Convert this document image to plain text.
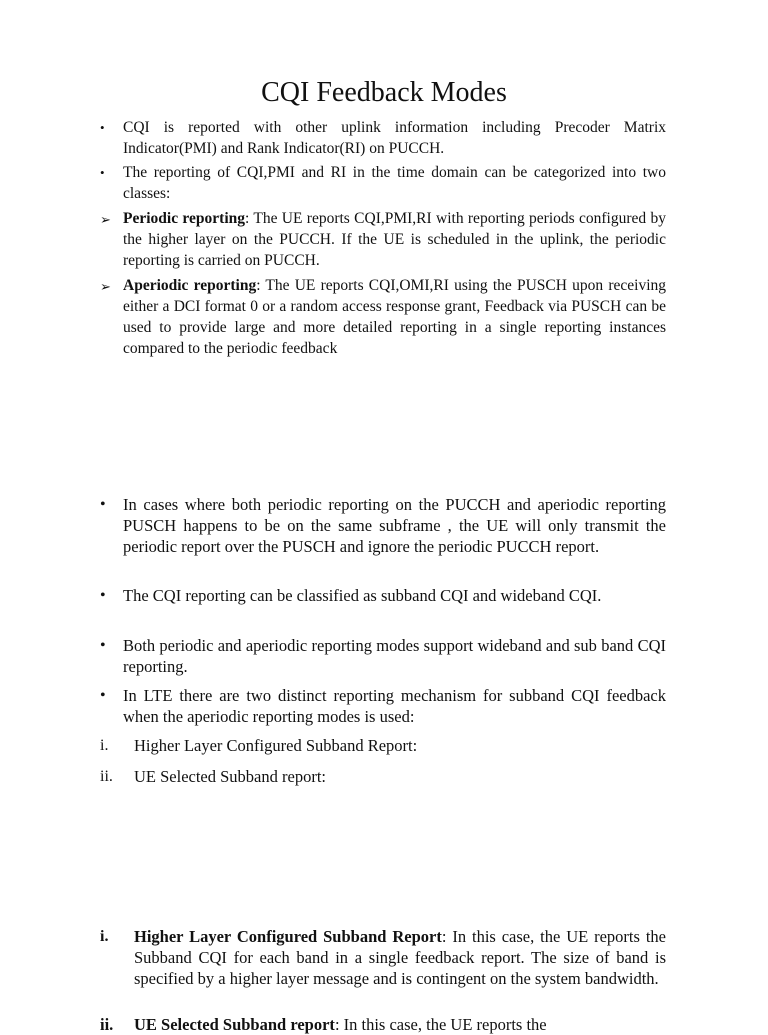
CQI Feedback Modes
• CQI is reported with other uplink information including Precoder Matrix Indicator(PMI) and Rank Indicator(RI) on PUCCH.
• The reporting of CQI,PMI and RI in the time domain can be categorized into two classes:
➢ Periodic reporting: The UE reports CQI,PMI,RI with reporting periods configured by the higher layer on the PUCCH. If the UE is scheduled in the uplink, the periodic reporting is carried on PUCCH.
➢ Aperiodic reporting: The UE reports CQI,OMI,RI using the PUSCH upon receiving either a DCI format 0 or a random access response grant, Feedback via PUSCH can be used to provide large and more detailed reporting in a single reporting instances compared to the periodic feedback
• In cases where both periodic reporting on the PUCCH and aperiodic reporting PUSCH happens to be on the same subframe , the UE will only transmit the periodic report over the PUSCH and ignore the periodic PUCCH report.
• The CQI reporting can be classified as subband CQI and wideband CQI.
• Both periodic and aperiodic reporting modes support wideband and sub band CQI reporting.
• In LTE there are two distinct reporting mechanism for subband CQI feedback when the aperiodic reporting modes is used:
i. Higher Layer Configured Subband Report:
ii. UE Selected Subband report:
i. Higher Layer Configured Subband Report: In this case, the UE reports the Subband CQI for each band in a single feedback report. The size of band is specified by a higher layer message and is contingent on the system bandwidth.
ii. UE Selected Subband report: In this case, the UE reports the
